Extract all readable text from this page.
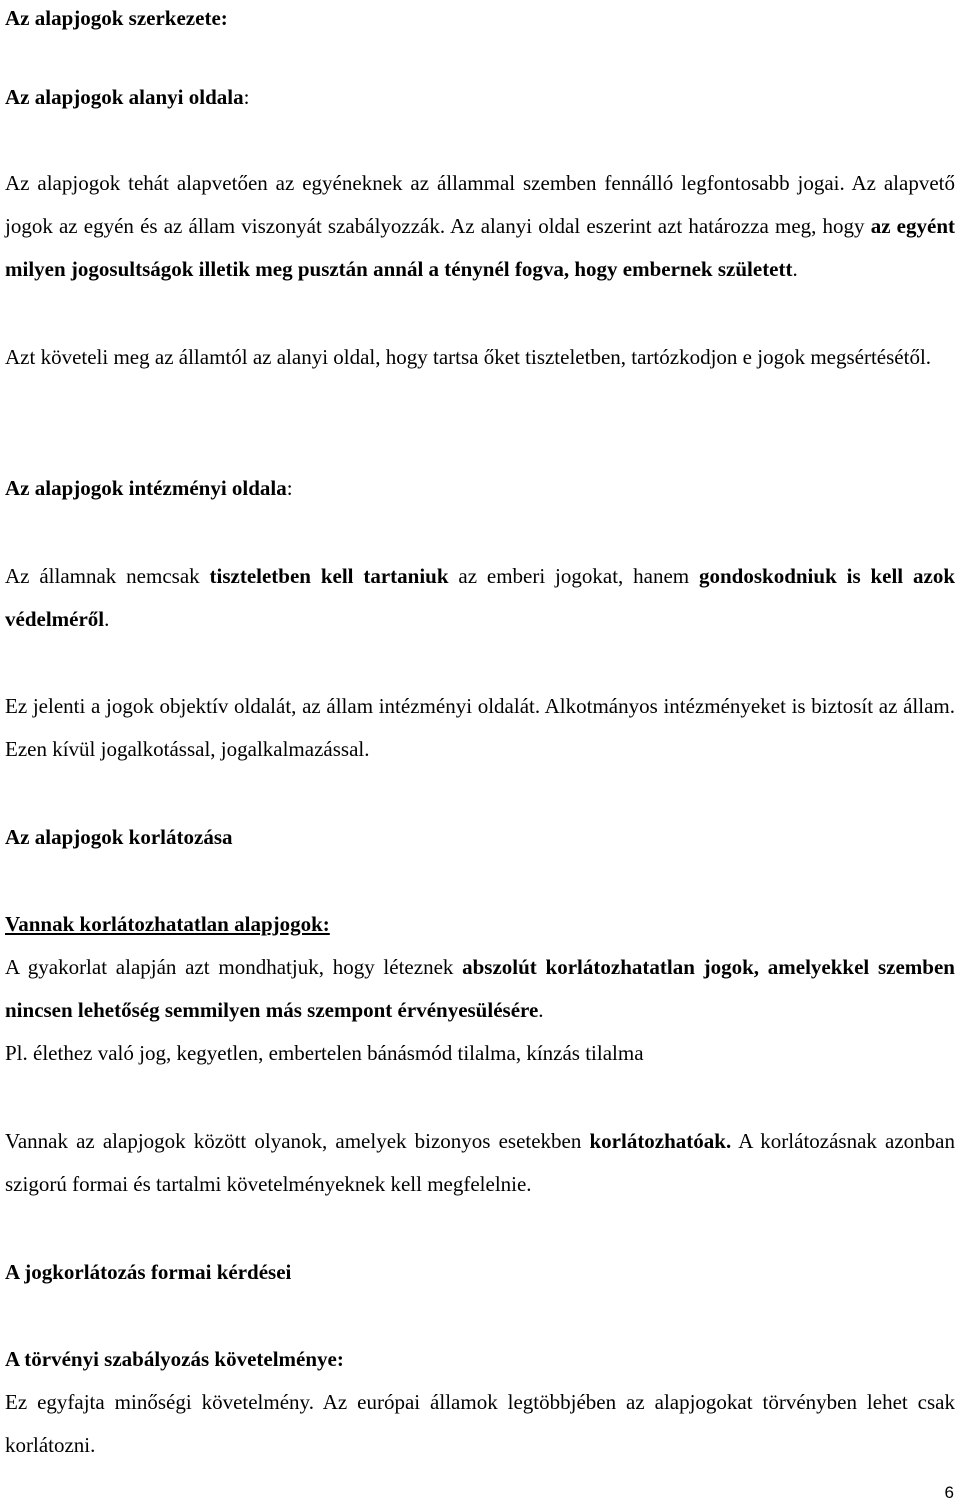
Az alapjogok szerkezete:

Az alapjogok alanyi oldala:

Az alapjogok tehát alapvetően az egyéneknek az állammal szemben fennálló legfontosabb jogai. Az alapvető jogok az egyén és az állam viszonyát szabályozzák. Az alanyi oldal eszerint azt határozza meg, hogy az egyént milyen jogosultságok illetik meg pusztán annál a ténynél fogva, hogy embernek született.

Azt követeli meg az államtól az alanyi oldal, hogy tartsa őket tiszteletben, tartózkodjon e jogok megsértésétől.

Az alapjogok intézményi oldala:

Az államnak nemcsak tiszteletben kell tartaniuk az emberi jogokat, hanem gondoskodniuk is kell azok védelméről.

Ez jelenti a jogok objektív oldalát, az állam intézményi oldalát. Alkotmányos intézményeket is biztosít az állam. Ezen kívül jogalkotással, jogalkalmazással.

Az alapjogok korlátozása

Vannak korlátozhatatlan alapjogok:

A gyakorlat alapján azt mondhatjuk, hogy léteznek abszolút korlátozhatatlan jogok, amelyekkel szemben nincsen lehetőség semmilyen más szempont érvényesülésére.

Pl. élethez való jog, kegyetlen, embertelen bánásmód tilalma, kínzás tilalma

Vannak az alapjogok között olyanok, amelyek bizonyos esetekben korlátozhatóak. A korlátozásnak azonban szigorú formai és tartalmi követelményeknek kell megfelelnie.

A jogkorlátozás formai kérdései

A törvényi szabályozás követelménye:

Ez egyfajta minőségi követelmény. Az európai államok legtöbbjében az alapjogokat törvényben lehet csak korlátozni.

6
